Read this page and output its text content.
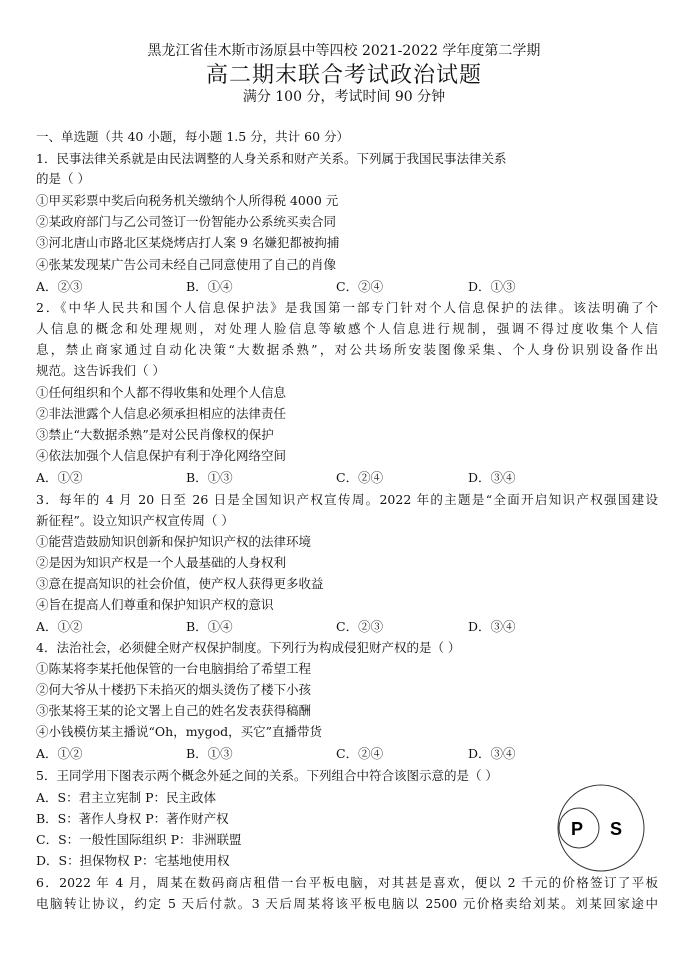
黑龙江省佳木斯市汤原县中等四校 2021-2022 学年度第二学期
高二期末联合考试政治试题
满分 100 分，考试时间 90 分钟
一、单选题（共 40 小题，每小题 1.5 分，共计 60 分）
1．民事法律关系就是由民法调整的人身关系和财产关系。下列属于我国民事法律关系
的是（ ）
①甲买彩票中奖后向税务机关缴纳个人所得税 4000 元
②某政府部门与乙公司签订一份智能办公系统买卖合同
③河北唐山市路北区某烧烤店打人案 9 名嫌犯都被拘捕
④张某发现某广告公司未经自己同意使用了自己的肖像
A．②③	B．①④	C．②④	D．①③
2．《中华人民共和国个人信息保护法》是我国第一部专门针对个人信息保护的法律。该法明确了个
人信息的概念和处理规则，对处理人脸信息等敏感个人信息进行规制，强调不得过度收集个人信
息，禁止商家通过自动化决策“大数据杀熟”，对公共场所安装图像采集、个人身份识别设备作出
规范。这告诉我们（ ）
①任何组织和个人都不得收集和处理个人信息
②非法泄露个人信息必须承担相应的法律责任
③禁止“大数据杀熟”是对公民肖像权的保护
④依法加强个人信息保护有利于净化网络空间
A．①②	B．①③	C．②④	D．③④
3．每年的 4 月 20 日至 26 日是全国知识产权宣传周。2022 年的主题是“全面开启知识产权强国建设
新征程”。设立知识产权宣传周（ ）
①能营造鼓励知识创新和保护知识产权的法律环境
②是因为知识产权是一个人最基础的人身权利
③意在提高知识的社会价值，使产权人获得更多收益
④旨在提高人们尊重和保护知识产权的意识
A．①②	B．①④	C．②③	D．③④
4．法治社会，必须健全财产权保护制度。下列行为构成侵犯财产权的是（ ）
①陈某将李某托他保管的一台电脑捐给了希望工程
②何大爷从十楼扔下未掐灭的烟头烫伤了楼下小孩
③张某将王某的论文署上自己的姓名发表获得稿酬
④小钱模仿某主播说“Oh，mygod，买它”直播带货
A．①②	B．①③	C．②④	D．③④
5．王同学用下图表示两个概念外延之间的关系。下列组合中符合该图示意的是（ ）
A．S：君主立宪制 P：民主政体
B．S：著作人身权 P：著作财产权
C．S：一般性国际组织 P：非洲联盟
D．S：担保物权 P：宅基地使用权
P S
6．2022 年 4 月，周某在数码商店租借一台平板电脑，对其甚是喜欢，便以 2 千元的价格签订了平板
电脑转让协议，约定 5 天后付款。3 天后周某将该平板电脑以 2500 元价格卖给刘某。刘某回家途中
